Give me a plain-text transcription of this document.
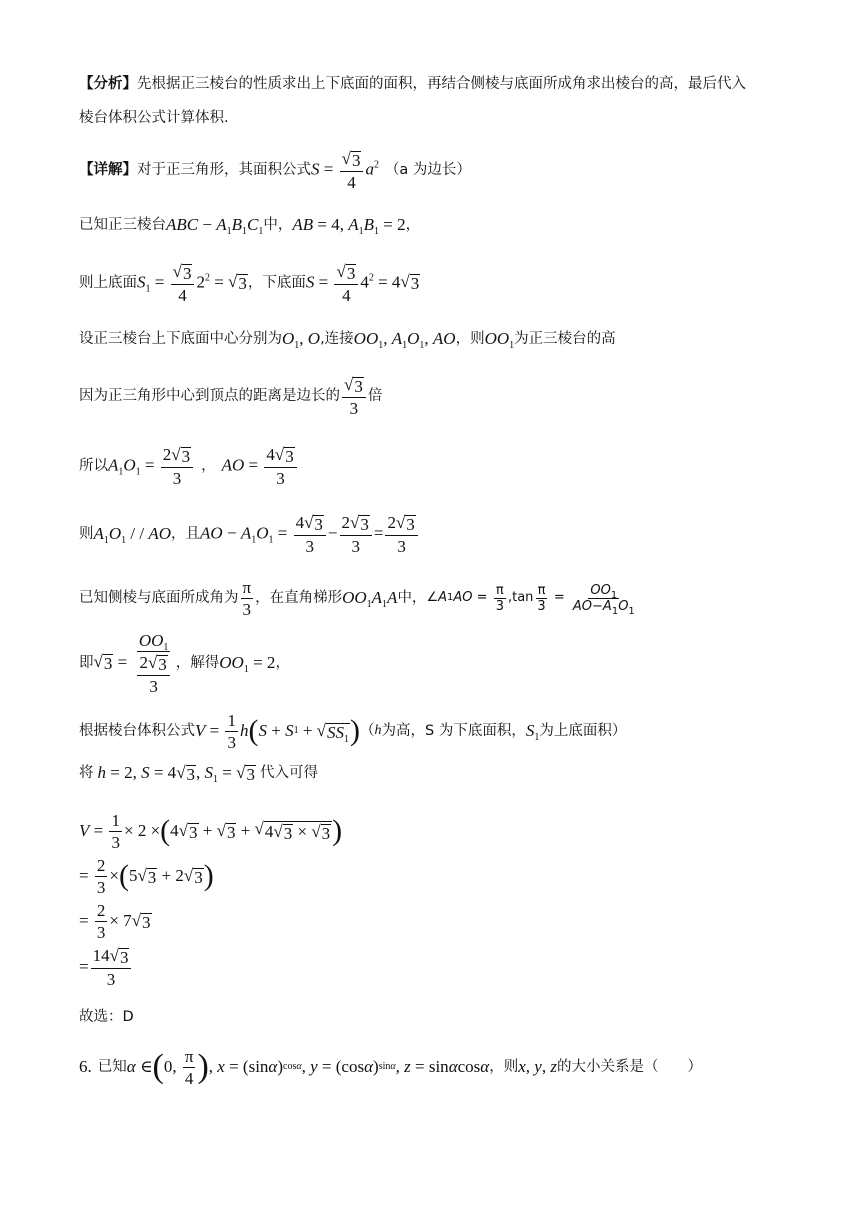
【分析】 先根据正三棱台的性质求出上下底面的面积，再结合侧棱与底面所成角求出棱台的高，最后代入
棱台体积公式计算体积.
【详解】 对于正三角形，其面积公式 $S = \frac{√ 3}{4} a^2$ （a 为边长）
已知正三棱台 ABC − $A_1B_1C_1$ 中， AB = 4, $A_1B_1 = 2$ ，
则上底面 $S_1 = \frac{√ 3}{4} 2^2$ = √ 3 ，下底面 $S = \frac{√ 3}{4} 4^2 = 4$ √ 3
设正三棱台上下底面中心分别为 $O_1$, O ,连接 $OO_1$, $A_1O_1$, AO ，则 $OO_1$ 为正三棱台的高
因为正三角形中心到顶点的距离是边长的 $\frac{√ 3}{3}$ 倍
所以 $A_1O_1 = \frac{2 √ 3}{3}$ ， AO = $\frac{4 √ 3}{3}$
则 $A_1O_1$ / / AO ，且 AO − $A_1O_1 = \frac{4 √ 3}{3} - \frac{2 √ 3}{3} = \frac{2 √ 3}{3}$
已知侧棱与底面所成角为 $\frac{\pi}{3}$ ，在直角梯形 $OO_1A_1A$ 中， ∠ A 1 AO = $\frac{\pi}{3} ,\tan \frac{\pi}{3} = \frac{OO_1}{AO-A_1O_1}$
即 √ $3 = \frac{OO_1}{\frac{2 √ 3}{3}}$ ，解得 $OO_1 = 2$ ，
根据棱台体积公式 $V = \frac{1}{3}$ h ( S + S 1 + √ $SS_1$ ) （ h 为高，S 为下底面积， $S_1$ 为上底面积）
将 h = 2, S = 4 √ 3 , $S_1$ = √ 3 代入可得
$V = \frac{1}{3} \times 2$ × ( 4 √ 3 + √ 3 + √ 4 √ 3 × √ 3 )
= $\frac{2}{3}$ × ( 5 √ 3 + 2 √ 3 )
= $\frac{2}{3} \times 7$ √ 3
= $\frac{14 √ 3}{3}$
故选：D
6. 已知 α ∈ ( 0, $\frac{\pi}{4}$ ) , x = (sin α ) cosα , y = (cos α ) sinα , z = sin α cos α ，则 x, y, z 的大小关系是（　　）
